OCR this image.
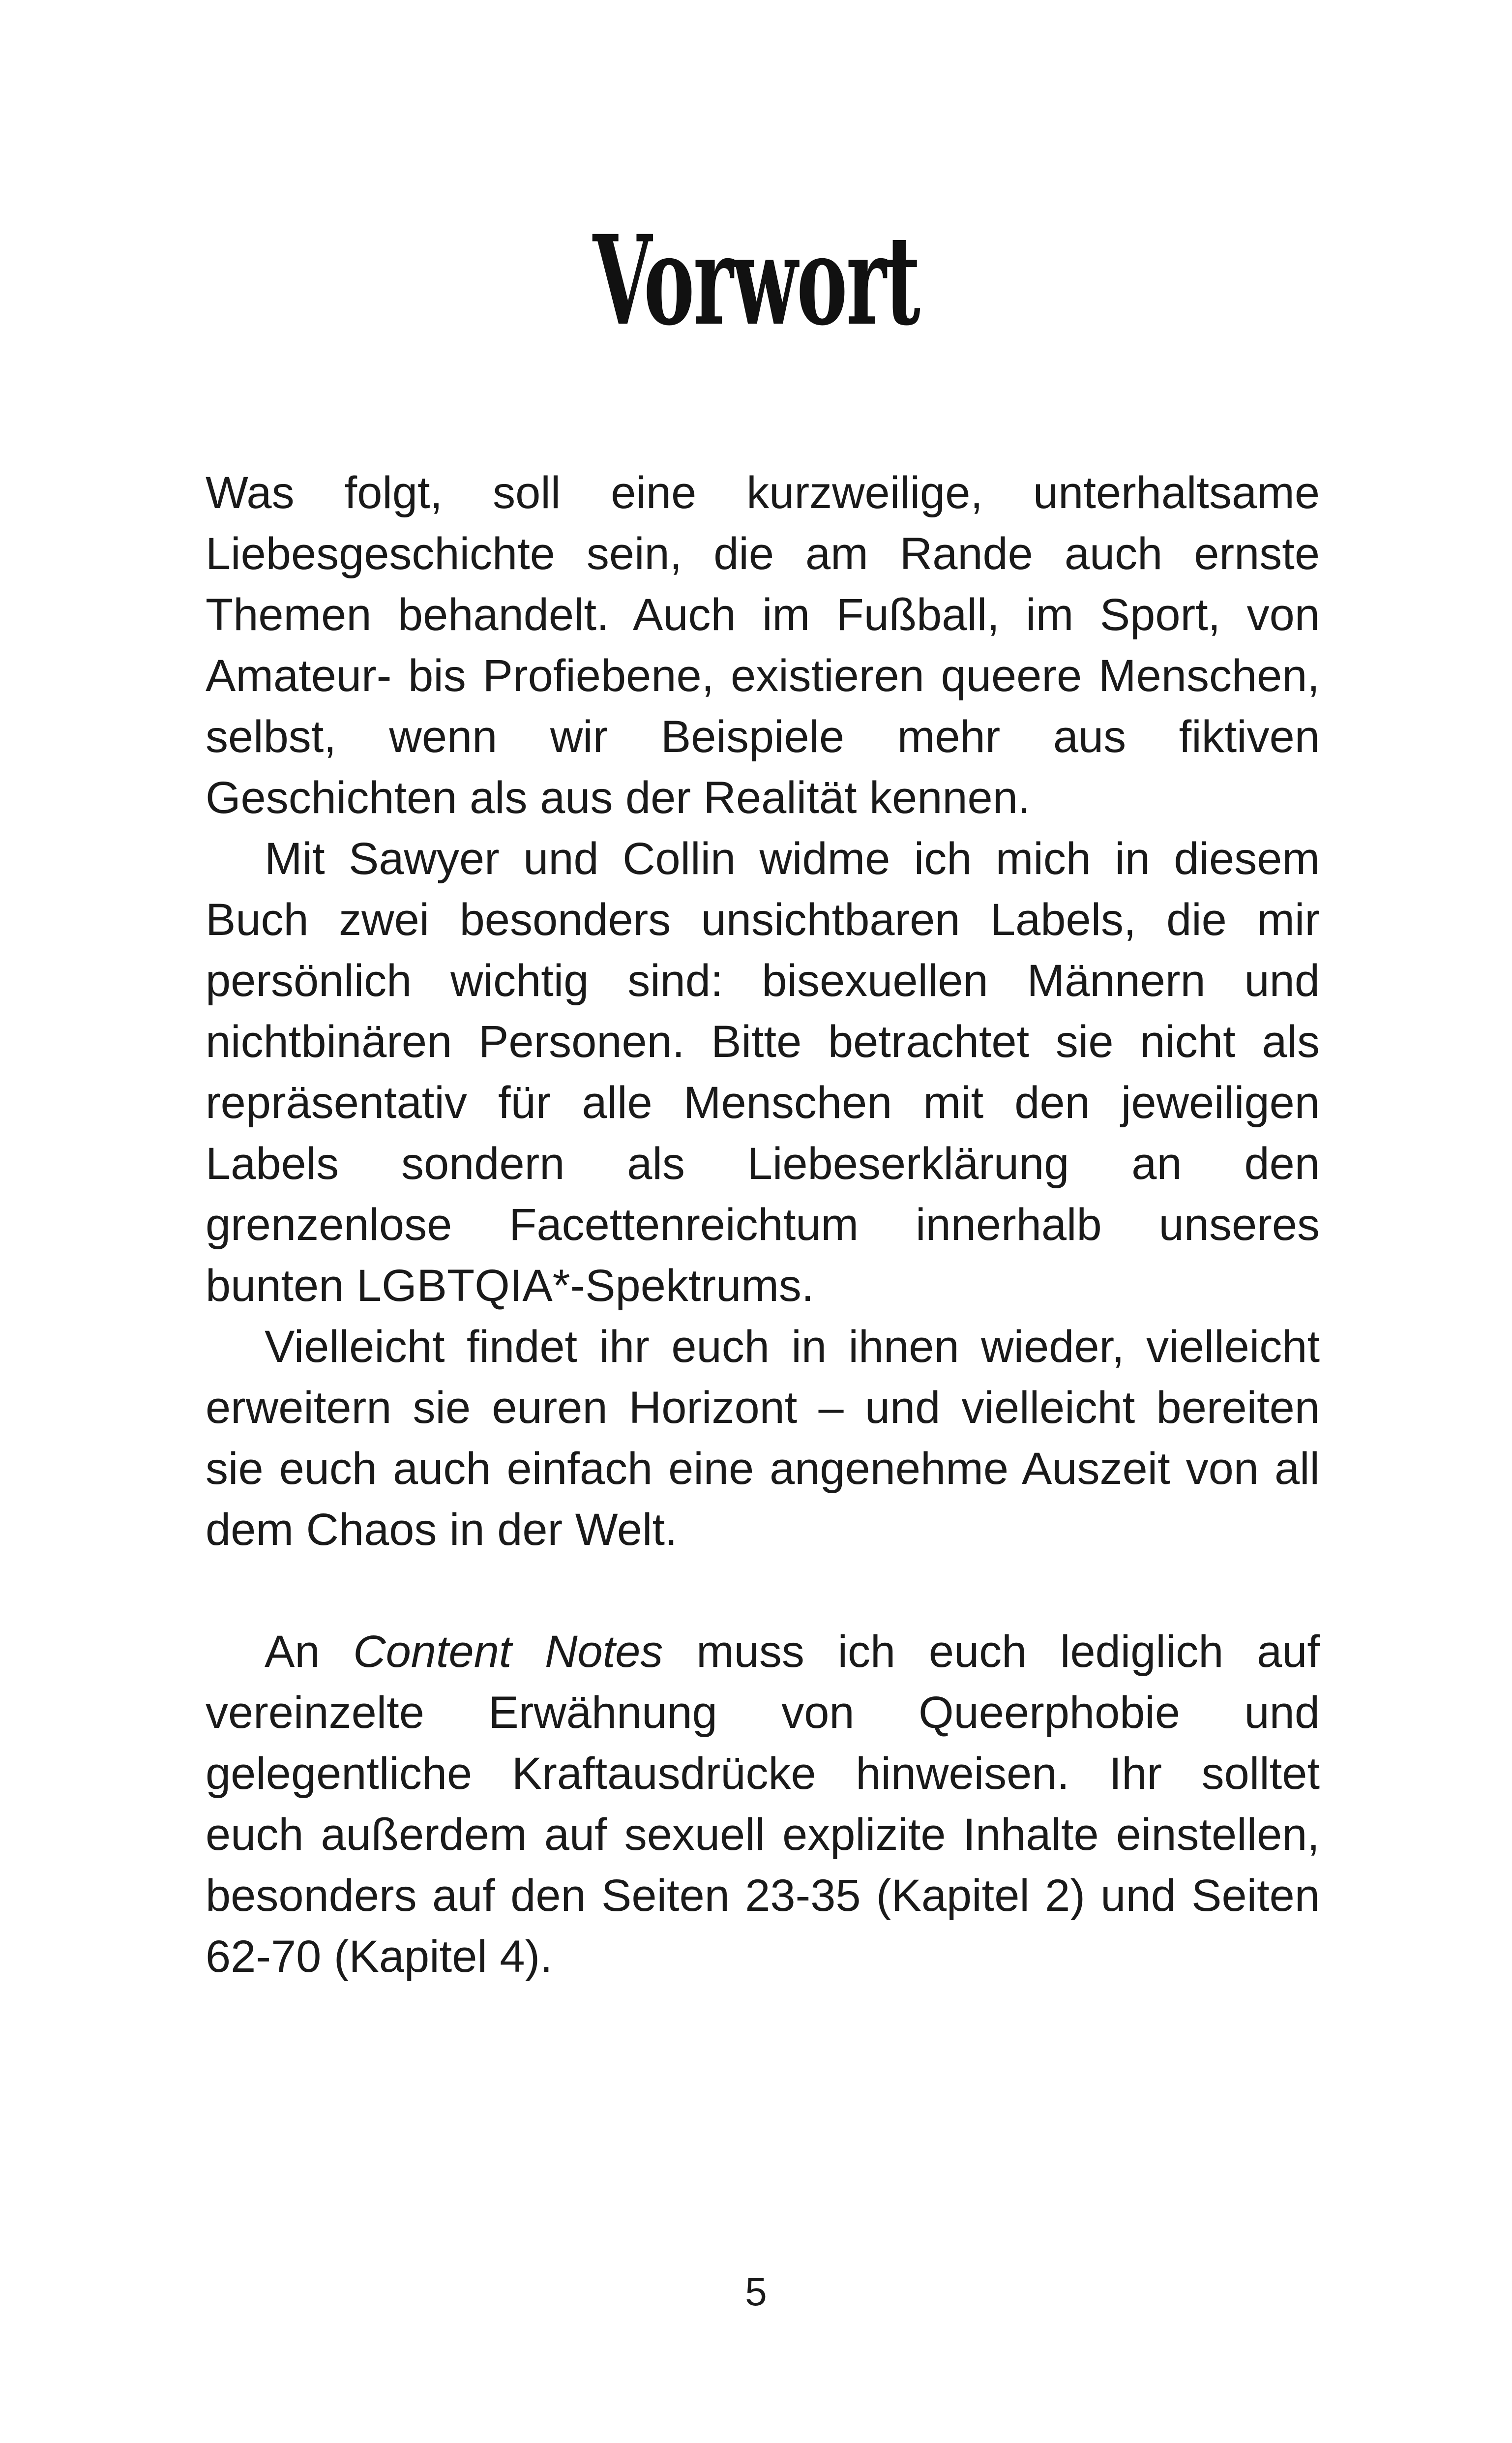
Vorwort

Was folgt, soll eine kurzweilige, unterhaltsame Liebesgeschichte sein, die am Rande auch ernste Themen behandelt. Auch im Fußball, im Sport, von Amateur- bis Profiebene, existieren queere Menschen, selbst, wenn wir Beispiele mehr aus fiktiven Geschichten als aus der Realität kennen.

Mit Sawyer und Collin widme ich mich in diesem Buch zwei besonders unsichtbaren Labels, die mir persönlich wichtig sind: bisexuellen Männern und nichtbinären Personen. Bitte betrachtet sie nicht als repräsentativ für alle Menschen mit den jeweiligen Labels sondern als Liebeserklärung an den grenzenlose Facettenreichtum innerhalb unseres bunten LGBTQIA*-Spektrums.

Vielleicht findet ihr euch in ihnen wieder, vielleicht erweitern sie euren Horizont – und vielleicht bereiten sie euch auch einfach eine angenehme Auszeit von all dem Chaos in der Welt.

An Content Notes muss ich euch lediglich auf vereinzelte Erwähnung von Queerphobie und gelegentliche Kraftausdrücke hinweisen. Ihr solltet euch außerdem auf sexuell explizite Inhalte einstellen, besonders auf den Seiten 23-35 (Kapitel 2) und Seiten 62-70 (Kapitel 4).

5
